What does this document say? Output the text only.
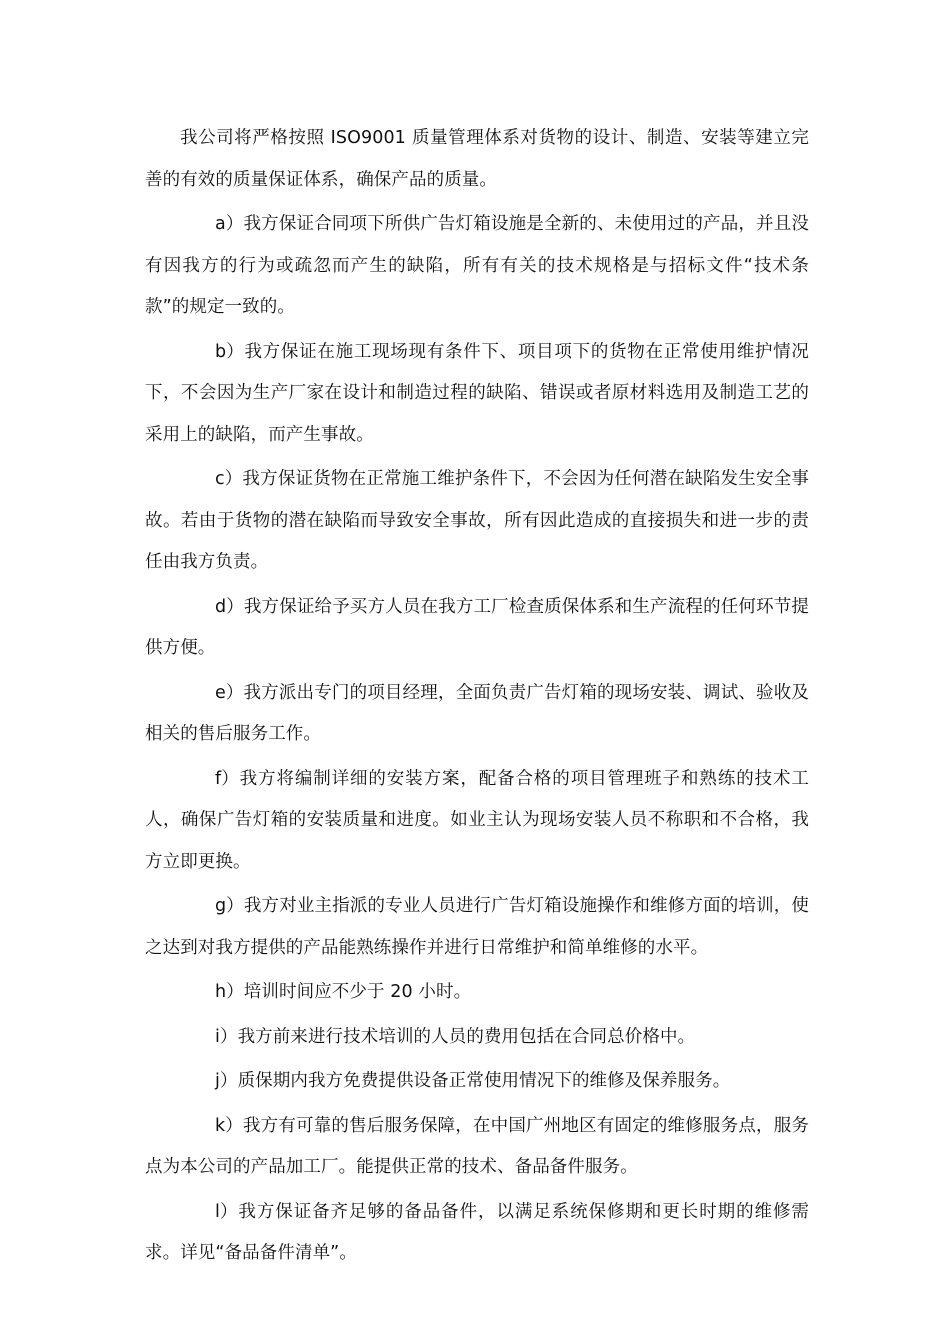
我公司将严格按照 ISO9001 质量管理体系对货物的设计、制造、安装等建立完善的有效的质量保证体系，确保产品的质量。

a）我方保证合同项下所供广告灯箱设施是全新的、未使用过的产品，并且没有因我方的行为或疏忽而产生的缺陷，所有有关的技术规格是与招标文件“技术条款”的规定一致的。

b）我方保证在施工现场现有条件下、项目项下的货物在正常使用维护情况下，不会因为生产厂家在设计和制造过程的缺陷、错误或者原材料选用及制造工艺的采用上的缺陷，而产生事故。

c）我方保证货物在正常施工维护条件下，不会因为任何潜在缺陷发生安全事故。若由于货物的潜在缺陷而导致安全事故，所有因此造成的直接损失和进一步的责任由我方负责。

d）我方保证给予买方人员在我方工厂检查质保体系和生产流程的任何环节提供方便。

e）我方派出专门的项目经理，全面负责广告灯箱的现场安装、调试、验收及相关的售后服务工作。

f）我方将编制详细的安装方案，配备合格的项目管理班子和熟练的技术工人，确保广告灯箱的安装质量和进度。如业主认为现场安装人员不称职和不合格，我方立即更换。

g）我方对业主指派的专业人员进行广告灯箱设施操作和维修方面的培训，使之达到对我方提供的产品能熟练操作并进行日常维护和简单维修的水平。

h）培训时间应不少于 20 小时。

i）我方前来进行技术培训的人员的费用包括在合同总价格中。

j）质保期内我方免费提供设备正常使用情况下的维修及保养服务。

k）我方有可靠的售后服务保障，在中国广州地区有固定的维修服务点，服务点为本公司的产品加工厂。能提供正常的技术、备品备件服务。

l）我方保证备齐足够的备品备件，以满足系统保修期和更长时期的维修需求。详见“备品备件清单”。
